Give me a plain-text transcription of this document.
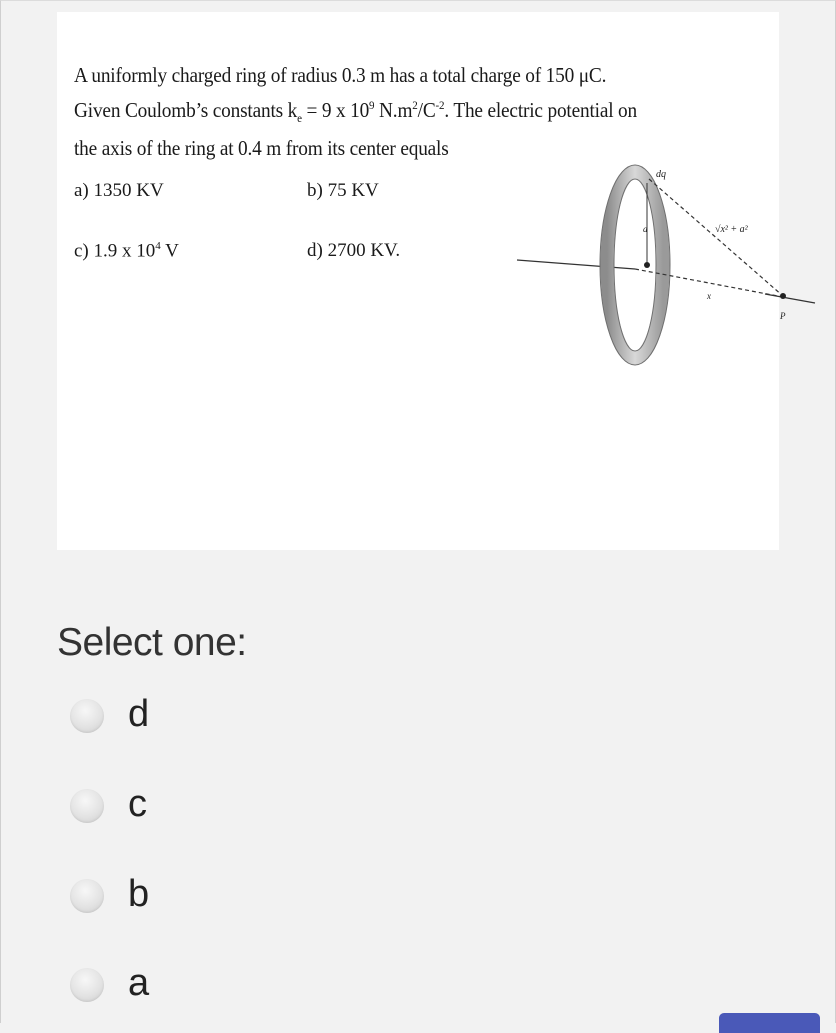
A uniformly charged ring of radius 0.3 m has a total charge of 150 μC.
Given Coulomb’s constants $k_e = 9$ x $10^9$ $N.m^2/C^{-2}$. The electric potential on
the axis of the ring at 0.4 m from its center equals

a) 1350 KV	b) 75 KV
c) 1.9 x $10^4$ V	d) 2700 KV.
dq
√x² + a²
a
x
P
Select one:
d
c
b
a
